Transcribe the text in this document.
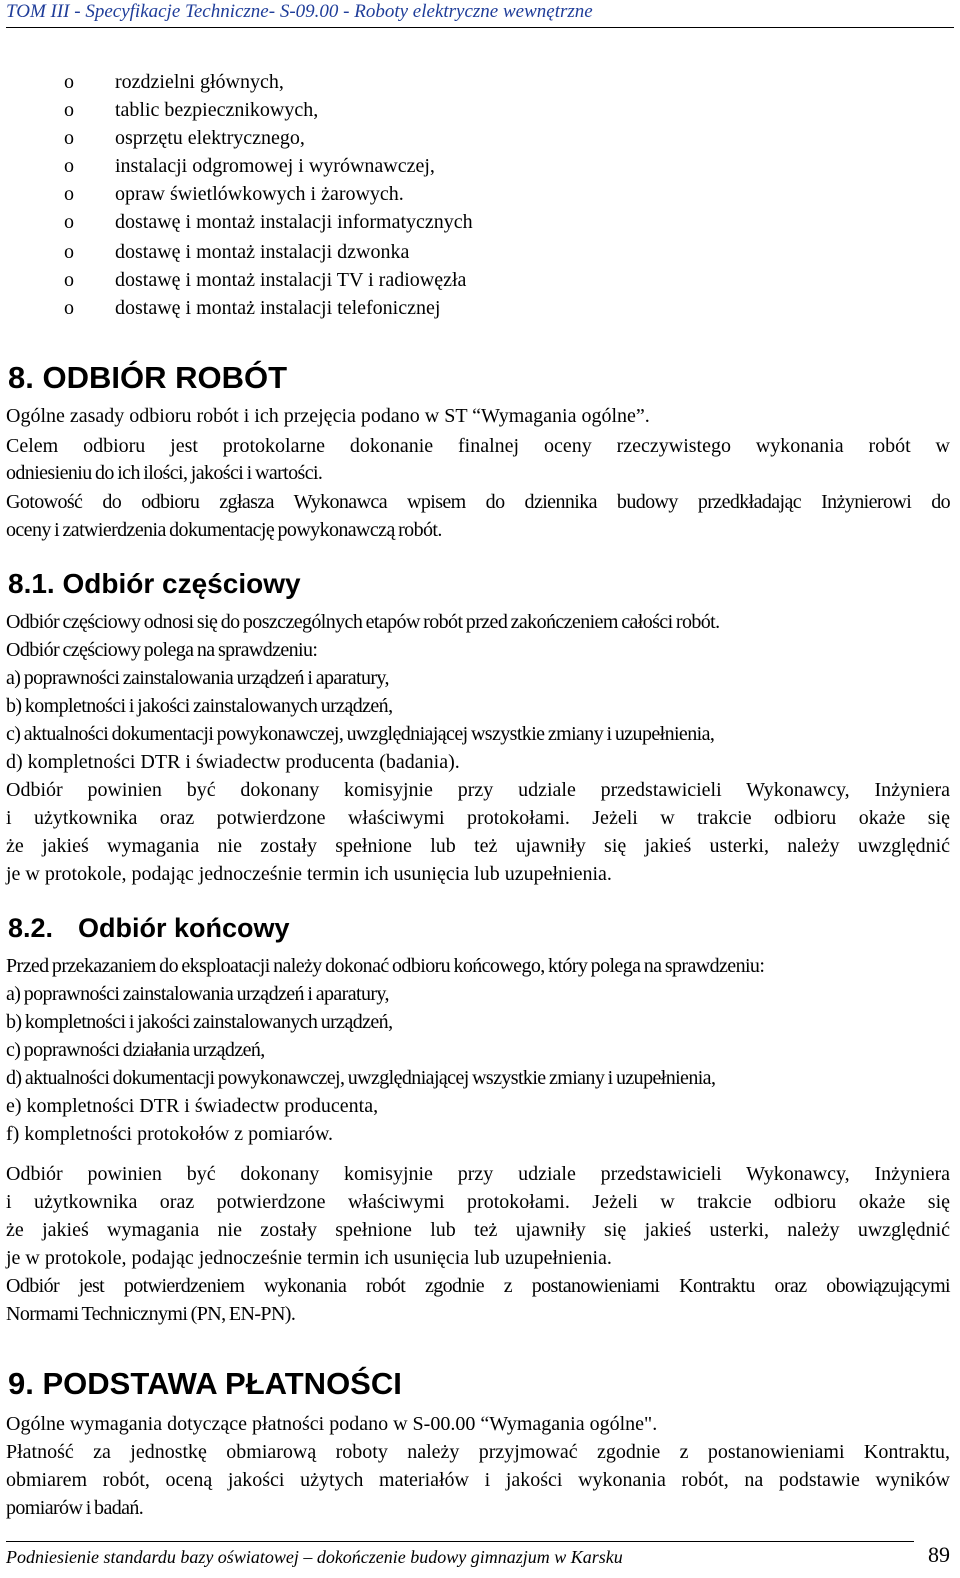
TOM III - Specyfikacje Techniczne- S-09.00 - Roboty elektryczne wewnętrzne
o rozdzielni głównych,
o tablic bezpiecznikowych,
o osprzętu elektrycznego,
o instalacji odgromowej i wyrównawczej,
o opraw świetlówkowych i żarowych.
o dostawę i montaż instalacji informatycznych
o dostawę i montaż instalacji dzwonka
o dostawę i montaż instalacji TV i radiowęzła
o dostawę i montaż instalacji telefonicznej
8. ODBIÓR ROBÓT
Ogólne zasady odbioru robót i ich przejęcia podano w ST “Wymagania ogólne”.
Celem odbioru jest protokolarne dokonanie finalnej oceny rzeczywistego wykonania robót w
odniesieniu do ich ilości, jakości i wartości.
Gotowość do odbioru zgłasza Wykonawca wpisem do dziennika budowy przedkładając Inżynierowi do
oceny i zatwierdzenia dokumentację powykonawczą robót.
8.1. Odbiór częściowy
Odbiór częściowy odnosi się do poszczególnych etapów robót przed zakończeniem całości robót.
Odbiór częściowy polega na sprawdzeniu:
a) poprawności zainstalowania urządzeń i aparatury,
b) kompletności i jakości zainstalowanych urządzeń,
c) aktualności dokumentacji powykonawczej, uwzględniającej wszystkie zmiany i uzupełnienia,
d) kompletności DTR i świadectw producenta (badania).
Odbiór powinien być dokonany komisyjnie przy udziale przedstawicieli Wykonawcy, Inżyniera
i użytkownika oraz potwierdzone właściwymi protokołami. Jeżeli w trakcie odbioru okaże się
że jakieś wymagania nie zostały spełnione lub też ujawniły się jakieś usterki, należy uwzględnić
je w protokole, podając jednocześnie termin ich usunięcia lub uzupełnienia.
8.2. Odbiór końcowy
Przed przekazaniem do eksploatacji należy dokonać odbioru końcowego, który polega na sprawdzeniu:
a) poprawności zainstalowania urządzeń i aparatury,
b) kompletności i jakości zainstalowanych urządzeń,
c) poprawności działania urządzeń,
d) aktualności dokumentacji powykonawczej, uwzględniającej wszystkie zmiany i uzupełnienia,
e) kompletności DTR i świadectw producenta,
f) kompletności protokołów z pomiarów.
Odbiór powinien być dokonany komisyjnie przy udziale przedstawicieli Wykonawcy, Inżyniera
i użytkownika oraz potwierdzone właściwymi protokołami. Jeżeli w trakcie odbioru okaże się
że jakieś wymagania nie zostały spełnione lub też ujawniły się jakieś usterki, należy uwzględnić
je w protokole, podając jednocześnie termin ich usunięcia lub uzupełnienia.
Odbiór jest potwierdzeniem wykonania robót zgodnie z postanowieniami Kontraktu oraz obowiązującymi
Normami Technicznymi (PN, EN-PN).
9. PODSTAWA PŁATNOŚCI
Ogólne wymagania dotyczące płatności podano w S-00.00 “Wymagania ogólne".
Płatność za jednostkę obmiarową roboty należy przyjmować zgodnie z postanowieniami Kontraktu,
obmiarem robót, oceną jakości użytych materiałów i jakości wykonania robót, na podstawie wyników
pomiarów i badań.
Podniesienie standardu bazy oświatowej – dokończenie budowy gimnazjum w Karsku	89
